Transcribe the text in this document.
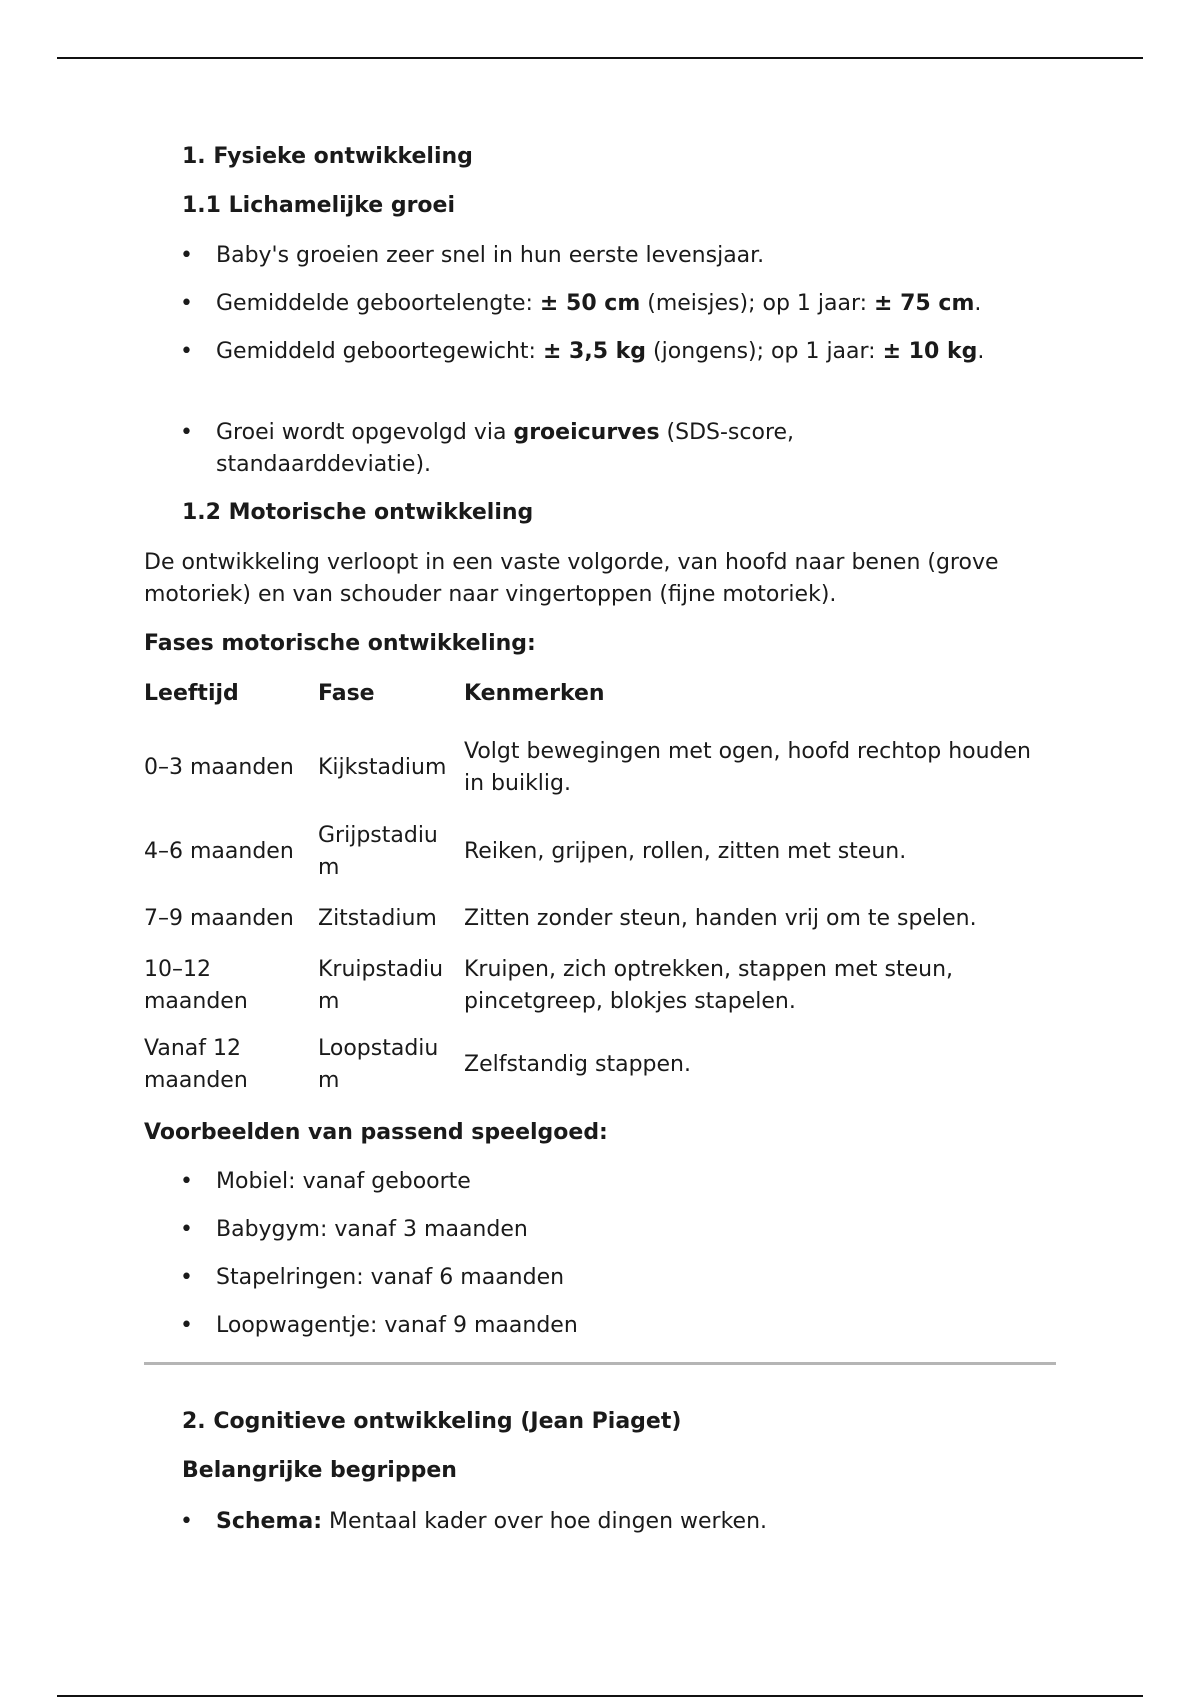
1. Fysieke ontwikkeling
1.1 Lichamelijke groei
• Baby's groeien zeer snel in hun eerste levensjaar.
• Gemiddelde geboortelengte: ± 50 cm (meisjes); op 1 jaar: ± 75 cm.
• Gemiddeld geboortegewicht: ± 3,5 kg (jongens); op 1 jaar: ± 10 kg.
• Groei wordt opgevolgd via groeicurves (SDS-score, standaarddeviatie).
1.2 Motorische ontwikkeling

De ontwikkeling verloopt in een vaste volgorde, van hoofd naar benen (grove motoriek) en van schouder naar vingertoppen (fijne motoriek).

Fases motorische ontwikkeling:
Leeftijd	Fase	Kenmerken
0–3 maanden	Kijkstadium	Volgt bewegingen met ogen, hoofd rechtop houden in buiklig.
4–6 maanden	Grijpstadium	Reiken, grijpen, rollen, zitten met steun.
7–9 maanden	Zitstadium	Zitten zonder steun, handen vrij om te spelen.
10–12 maanden	Kruipstadium	Kruipen, zich optrekken, stappen met steun, pincetgreep, blokjes stapelen.
Vanaf 12 maanden	Loopstadium	Zelfstandig stappen.
Voorbeelden van passend speelgoed:
• Mobiel: vanaf geboorte
• Babygym: vanaf 3 maanden
• Stapelringen: vanaf 6 maanden
• Loopwagentje: vanaf 9 maanden
2. Cognitieve ontwikkeling (Jean Piaget)
Belangrijke begrippen
• Schema: Mentaal kader over hoe dingen werken.
